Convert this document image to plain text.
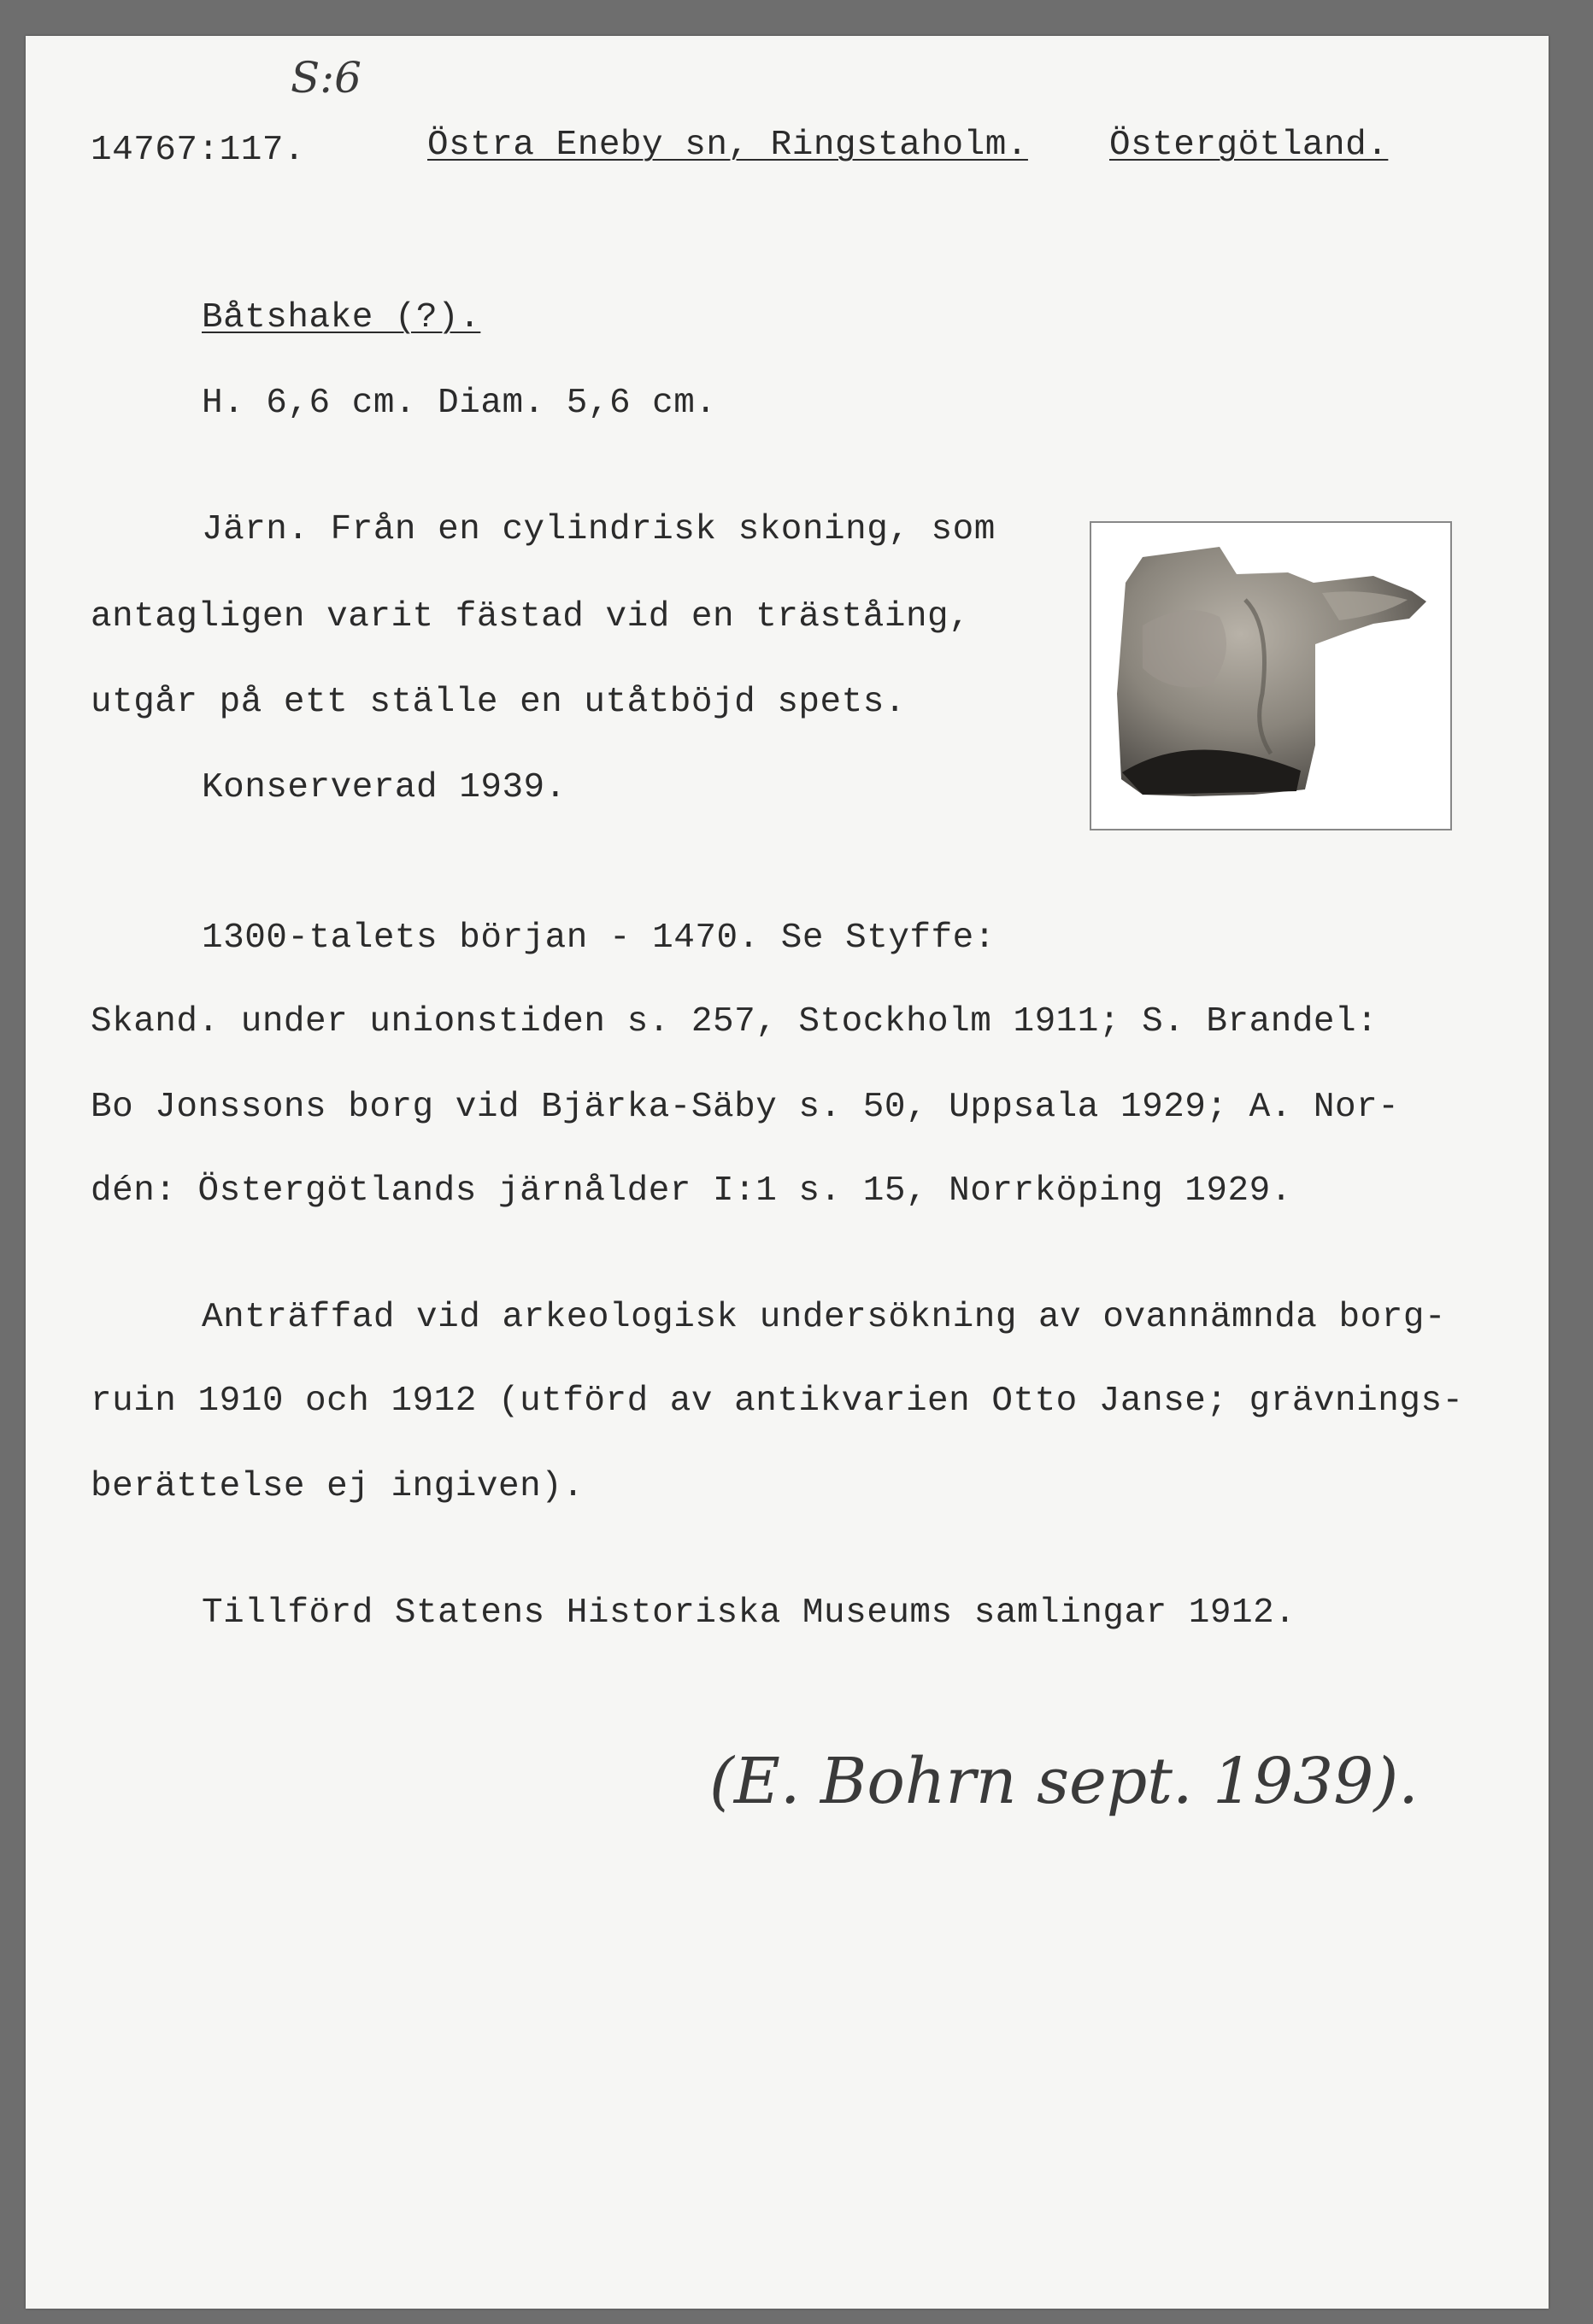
S:6
14767:117.	Östra Eneby sn, Ringstaholm. Östergötland.
Båtshake (?).
H. 6,6 cm. Diam. 5,6 cm.
Järn. Från en cylindrisk skoning, som
antagligen varit fästad vid en träståing,
utgår på ett ställe en utåtböjd spets.
Konserverad 1939.
1300-talets början - 1470. Se Styffe:
Skand. under unionstiden s. 257, Stockholm 1911; S. Brandel:
Bo Jonssons borg vid Bjärka-Säby s. 50, Uppsala 1929; A. Nor-
dén: Östergötlands järnålder I:1 s. 15, Norrköping 1929.
Anträffad vid arkeologisk undersökning av ovannämnda borg-
ruin 1910 och 1912 (utförd av antikvarien Otto Janse; grävnings-
berättelse ej ingiven).
Tillförd Statens Historiska Museums samlingar 1912.
(E. Bohrn sept. 1939).
